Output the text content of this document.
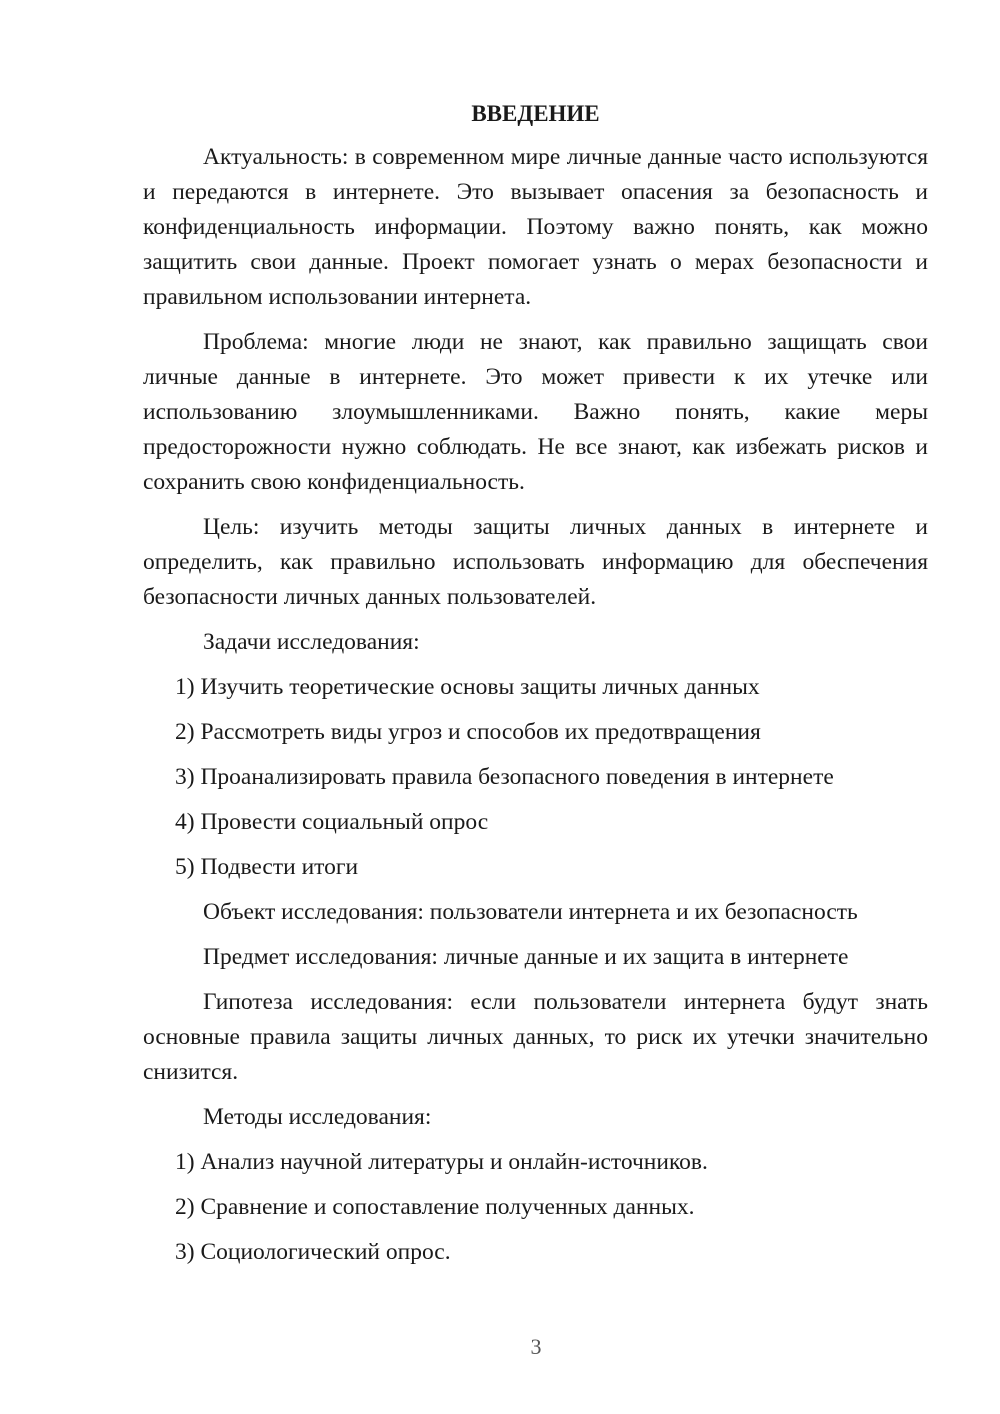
ВВЕДЕНИЕ

Актуальность: в современном мире личные данные часто используются и передаются в интернете. Это вызывает опасения за безопасность и конфиденциальность информации. Поэтому важно понять, как можно защитить свои данные. Проект помогает узнать о мерах безопасности и правильном использовании интернета.

Проблема: многие люди не знают, как правильно защищать свои личные данные в интернете. Это может привести к их утечке или использованию злоумышленниками. Важно понять, какие меры предосторожности нужно соблюдать. Не все знают, как избежать рисков и сохранить свою конфиденциальность.

Цель: изучить методы защиты личных данных в интернете и определить, как правильно использовать информацию для обеспечения безопасности личных данных пользователей.

Задачи исследования:

1) Изучить теоретические основы защиты личных данных
2) Рассмотреть виды угроз и способов их предотвращения
3) Проанализировать правила безопасного поведения в интернете
4) Провести социальный опрос
5) Подвести итоги

Объект исследования: пользователи интернета и их безопасность

Предмет исследования: личные данные и их защита в интернете

Гипотеза исследования: если пользователи интернета будут знать основные правила защиты личных данных, то риск их утечки значительно снизится.

Методы исследования:

1) Анализ научной литературы и онлайн-источников.
2) Сравнение и сопоставление полученных данных.
3) Социологический опрос.
3
